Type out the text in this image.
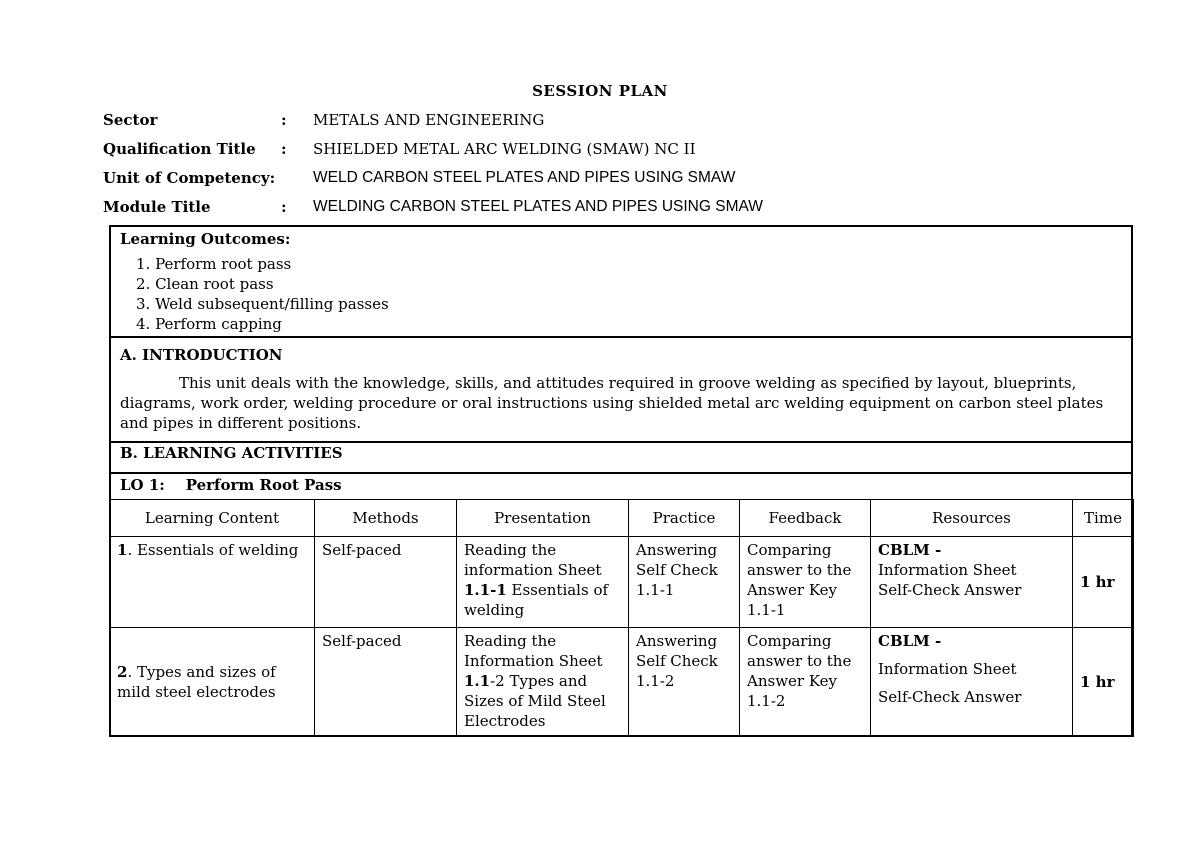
SESSION PLAN
Sector	: METALS AND ENGINEERING
Qualification Title : SHIELDED METAL ARC WELDING (SMAW) NC II
Unit of Competency: WELD CARBON STEEL PLATES AND PIPES USING SMAW
Module Title	: WELDING CARBON STEEL PLATES AND PIPES USING SMAW
Learning Outcomes:
1. Perform root pass
2. Clean root pass
3. Weld subsequent/filling passes
4. Perform capping
A. INTRODUCTION
This unit deals with the knowledge, skills, and attitudes required in groove welding as specified by layout, blueprints, diagrams, work order, welding procedure or oral instructions using shielded metal arc welding equipment on carbon steel plates and pipes in different positions.
B. LEARNING ACTIVITIES
LO 1:    Perform Root Pass
Learning Content	Methods	Presentation	Practice	Feedback	Resources	Time
1. Essentials of welding	Self-paced	Reading the information Sheet 1.1-1 Essentials of welding	Answering Self Check 1.1-1	Comparing answer to the Answer Key 1.1-1	CBLM -
Information Sheet
Self-Check Answer	1 hr
2. Types and sizes of mild steel electrodes	Self-paced	Reading the Information Sheet 1.1-2 Types and Sizes of Mild Steel Electrodes	Answering Self Check 1.1-2	Comparing answer to the Answer Key 1.1-2	CBLM -
Information Sheet
Self-Check Answer	1 hr
